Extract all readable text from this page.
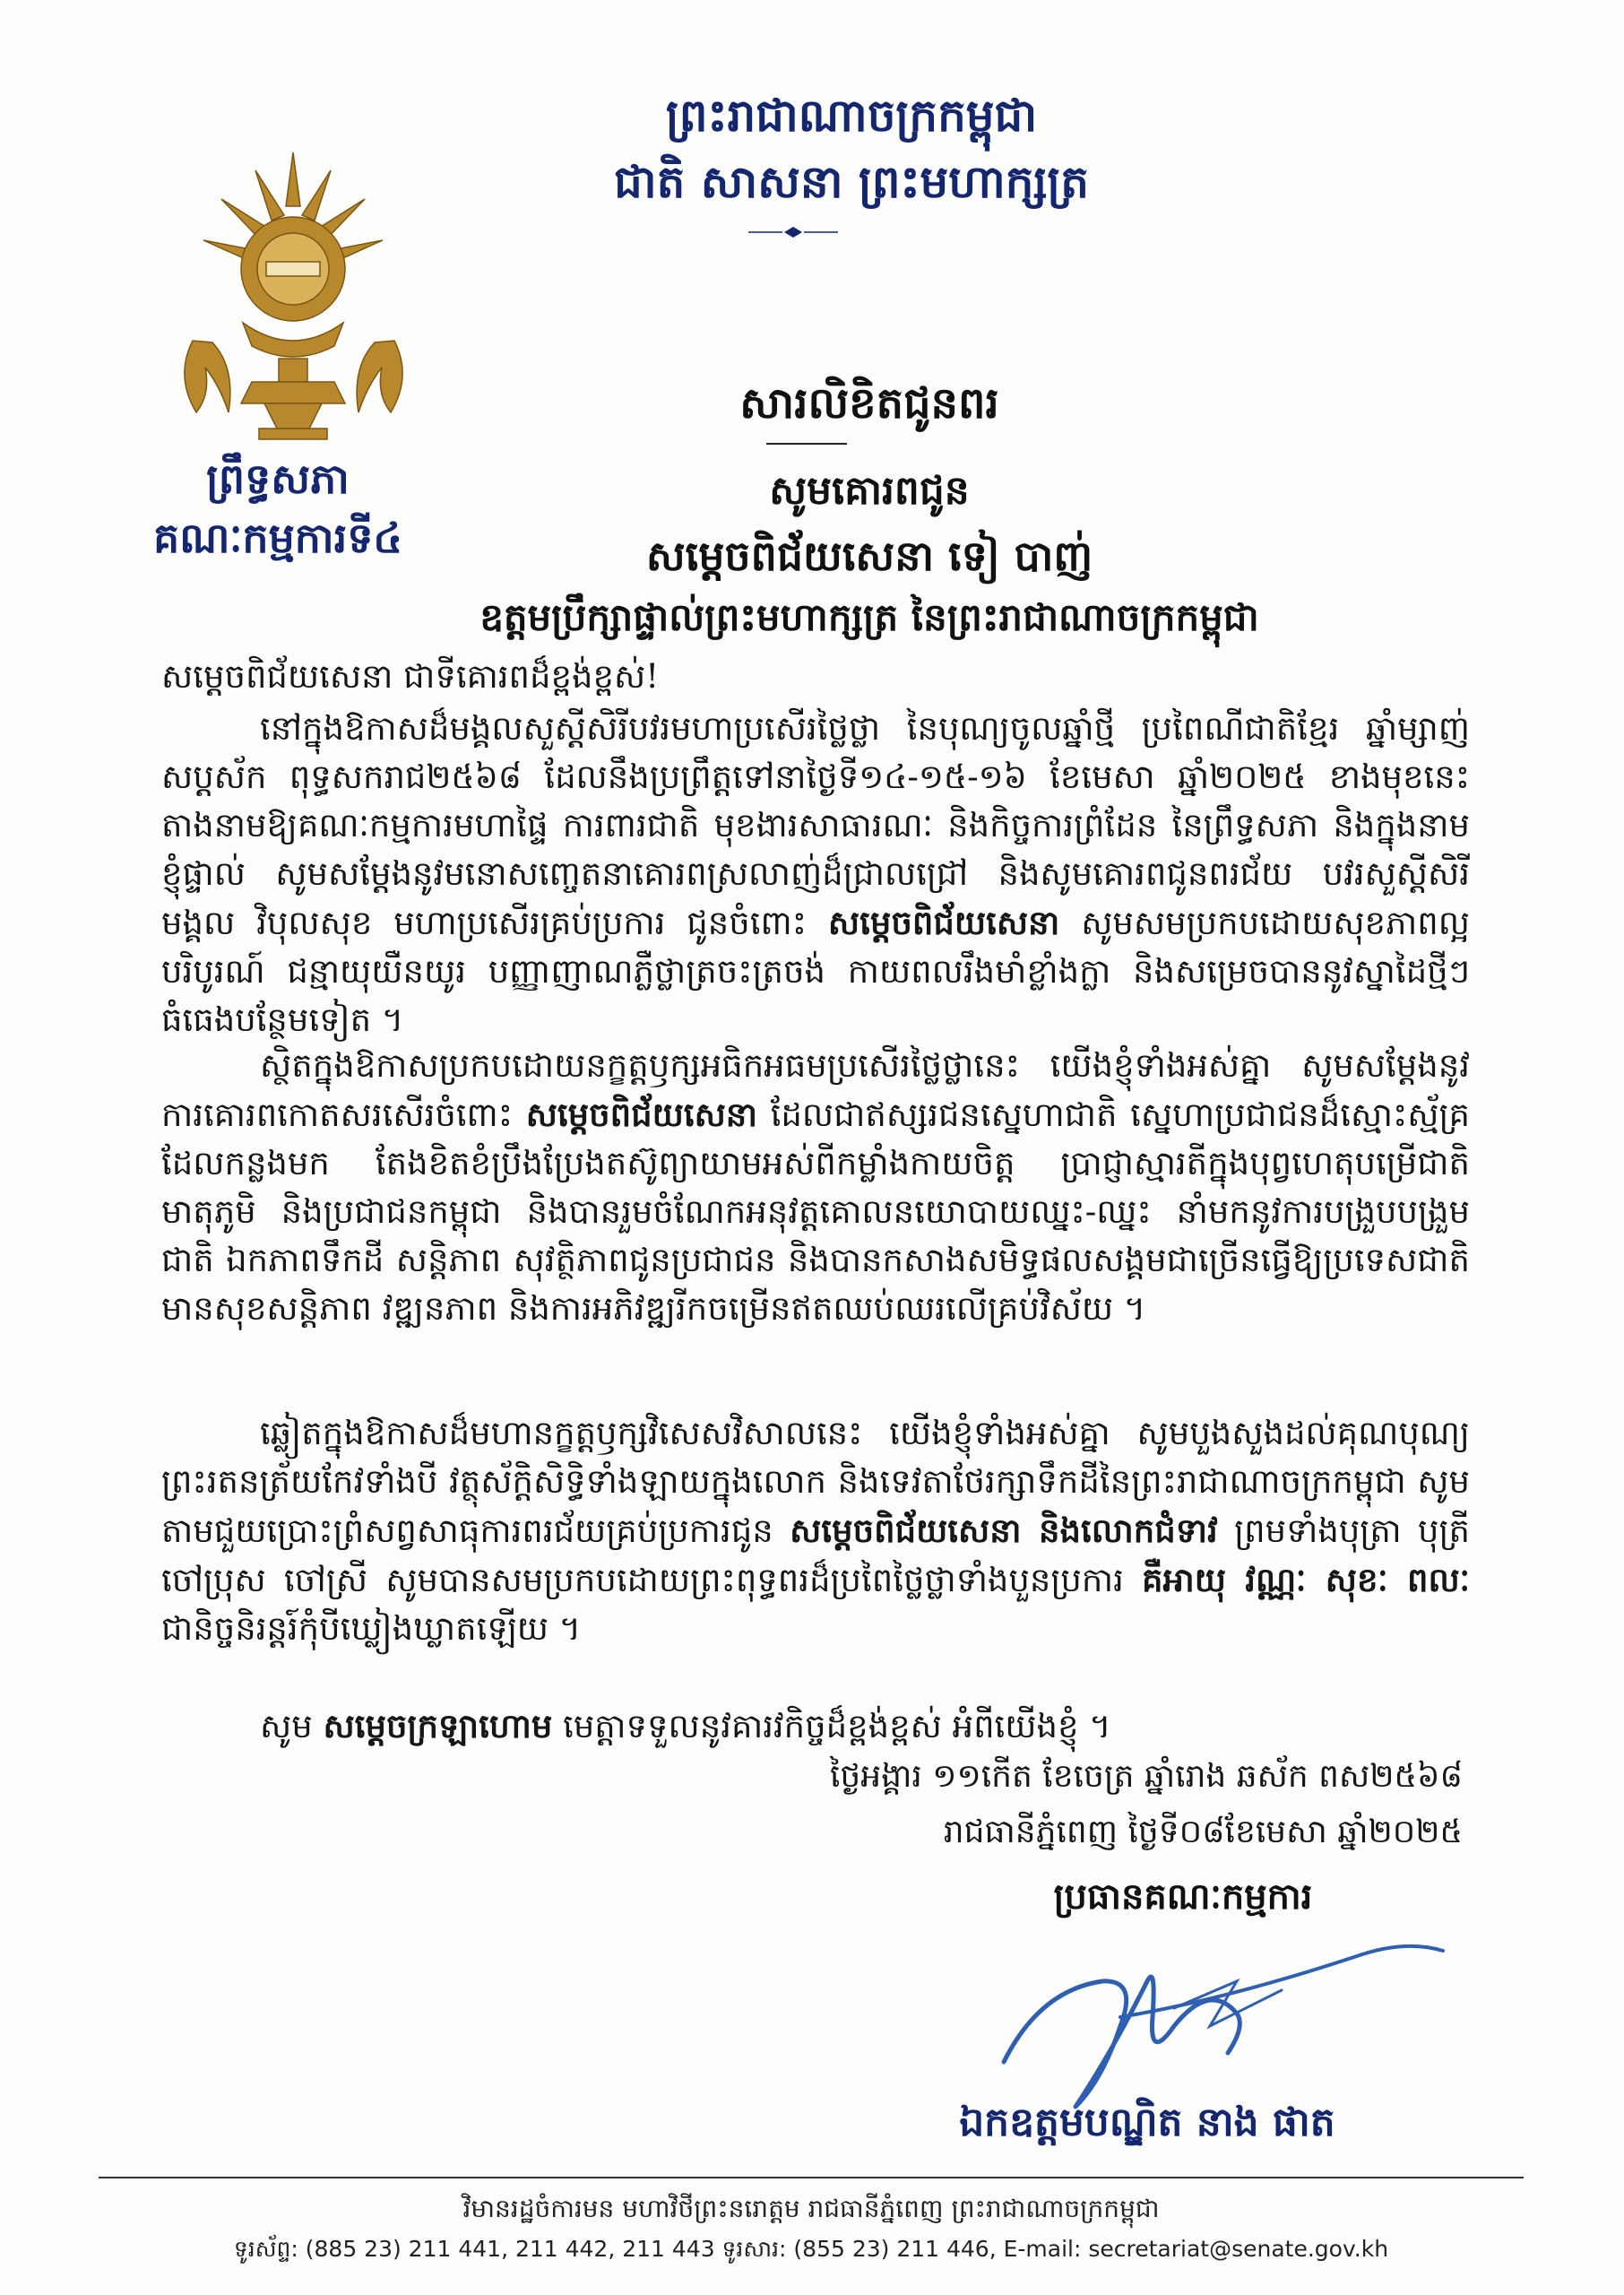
ព្រះរាជាណាចក្រកម្ពុជា
ជាតិ សាសនា ព្រះមហាក្សត្រ
ព្រឹទ្ធសភា
គណៈកម្មការទី៤
សារលិខិតជូនពរ
សូមគោរពជូន
សម្តេចពិជ័យសេនា ទៀ បាញ់
ឧត្តមប្រឹក្សាផ្ទាល់ព្រះមហាក្សត្រ នៃព្រះរាជាណាចក្រកម្ពុជា
សម្តេចពិជ័យសេនា ជាទីគោរពដ៏ខ្ពង់ខ្ពស់!

នៅក្នុងឱកាសដ៏មង្គលសួស្តីសិរីបវរមហាប្រសើរថ្លៃថ្លា នៃបុណ្យចូលឆ្នាំថ្មី ប្រពៃណីជាតិខ្មែរ ឆ្នាំម្សាញ់ សប្តស័ក ពុទ្ធសករាជ២៥៦៨ ដែលនឹងប្រព្រឹត្តទៅនាថ្ងៃទី១៤-១៥-១៦ ខែមេសា ឆ្នាំ២០២៥ ខាងមុខនេះ តាងនាមឱ្យគណៈកម្មការមហាផ្ទៃ ការពារជាតិ មុខងារសាធារណៈ និងកិច្ចការព្រំដែន នៃព្រឹទ្ធសភា និងក្នុងនាមខ្ញុំផ្ទាល់ សូមសម្តែងនូវមនោសញ្ចេតនាគោរពស្រលាញ់ដ៏ជ្រាលជ្រៅ និងសូមគោរពជូនពរជ័យ បវរសួស្តីសិរីមង្គល វិបុលសុខ មហាប្រសើរគ្រប់ប្រការ ជូនចំពោះ សម្តេចពិជ័យសេនា សូមសមប្រកបដោយសុខភាពល្អបរិបូរណ៍ ជន្មាយុយឺនយូរ បញ្ញាញាណភ្លឺថ្លាត្រចះត្រចង់ កាយពលរឹងមាំខ្លាំងក្លា និងសម្រេចបាននូវស្នាដៃថ្មីៗធំធេងបន្ថែមទៀត ។

ស្ថិតក្នុងឱកាសប្រកបដោយនក្ខត្តឫក្សអធិកអធមប្រសើរថ្លៃថ្លានេះ យើងខ្ញុំទាំងអស់គ្នា សូមសម្តែងនូវការគោរពកោតសរសើរចំពោះ សម្តេចពិជ័យសេនា ដែលជាឥស្សរជនស្នេហាជាតិ ស្នេហាប្រជាជនដ៏ស្មោះស្ម័គ្រ ដែលកន្លងមក តែងខិតខំប្រឹងប្រែងតស៊ូព្យាយាមអស់ពីកម្លាំងកាយចិត្ត ប្រាជ្ញាស្មារតីក្នុងបុព្វហេតុបម្រើជាតិមាតុភូមិ និងប្រជាជនកម្ពុជា និងបានរួមចំណែកអនុវត្តគោលនយោបាយឈ្នះ-ឈ្នះ នាំមកនូវការបង្រួបបង្រួមជាតិ ឯកភាពទឹកដី សន្តិភាព សុវត្ថិភាពជូនប្រជាជន និងបានកសាងសមិទ្ធផលសង្គមជាច្រើនធ្វើឱ្យប្រទេសជាតិមានសុខសន្តិភាព វឌ្ឍនភាព និងការអភិវឌ្ឍរីកចម្រើនឥតឈប់ឈរលើគ្រប់វិស័យ ។

ឆ្លៀតក្នុងឱកាសដ៏មហានក្ខត្តឫក្សវិសេសវិសាលនេះ យើងខ្ញុំទាំងអស់គ្នា សូមបួងសួងដល់គុណបុណ្យព្រះរតនត្រ័យកែវទាំងបី វត្ថុស័ក្តិសិទ្ធិទាំងឡាយក្នុងលោក និងទេវតាថែរក្សាទឹកដីនៃព្រះរាជាណាចក្រកម្ពុជា សូមតាមជួយប្រោះព្រំសព្វសាធុការពរជ័យគ្រប់ប្រការជូន សម្តេចពិជ័យសេនា និងលោកជំទាវ ព្រមទាំងបុត្រា បុត្រី ចៅប្រុស ចៅស្រី សូមបានសមប្រកបដោយព្រះពុទ្ធពរដ៏ប្រពៃថ្លៃថ្លាទាំងបួនប្រការ គឺអាយុ វណ្ណៈ សុខៈ ពលៈ ជានិច្ចនិរន្តរ៍កុំបីឃ្លៀងឃ្លាតឡើយ ។

សូម សម្តេចក្រឡាហោម មេត្តាទទួលនូវគារវកិច្ចដ៏ខ្ពង់ខ្ពស់ អំពីយើងខ្ញុំ ។

ថ្ងៃអង្គារ ១១កើត ខែចេត្រ ឆ្នាំរោង ឆស័ក ពស២៥៦៨
រាជធានីភ្នំពេញ ថ្ងៃទី០៨ខែមេសា ឆ្នាំ២០២៥
ប្រធានគណៈកម្មការ
ឯកឧត្តមបណ្ឌិត នាង ផាត
វិមានរដ្ឋចំការមន មហាវិថីព្រះនរោត្តម រាជធានីភ្នំពេញ ព្រះរាជាណាចក្រកម្ពុជា
ទូរស័ព្ទ: (885 23) 211 441, 211 442, 211 443 ទូរសារ: (855 23) 211 446, E-mail: secretariat@senate.gov.kh
